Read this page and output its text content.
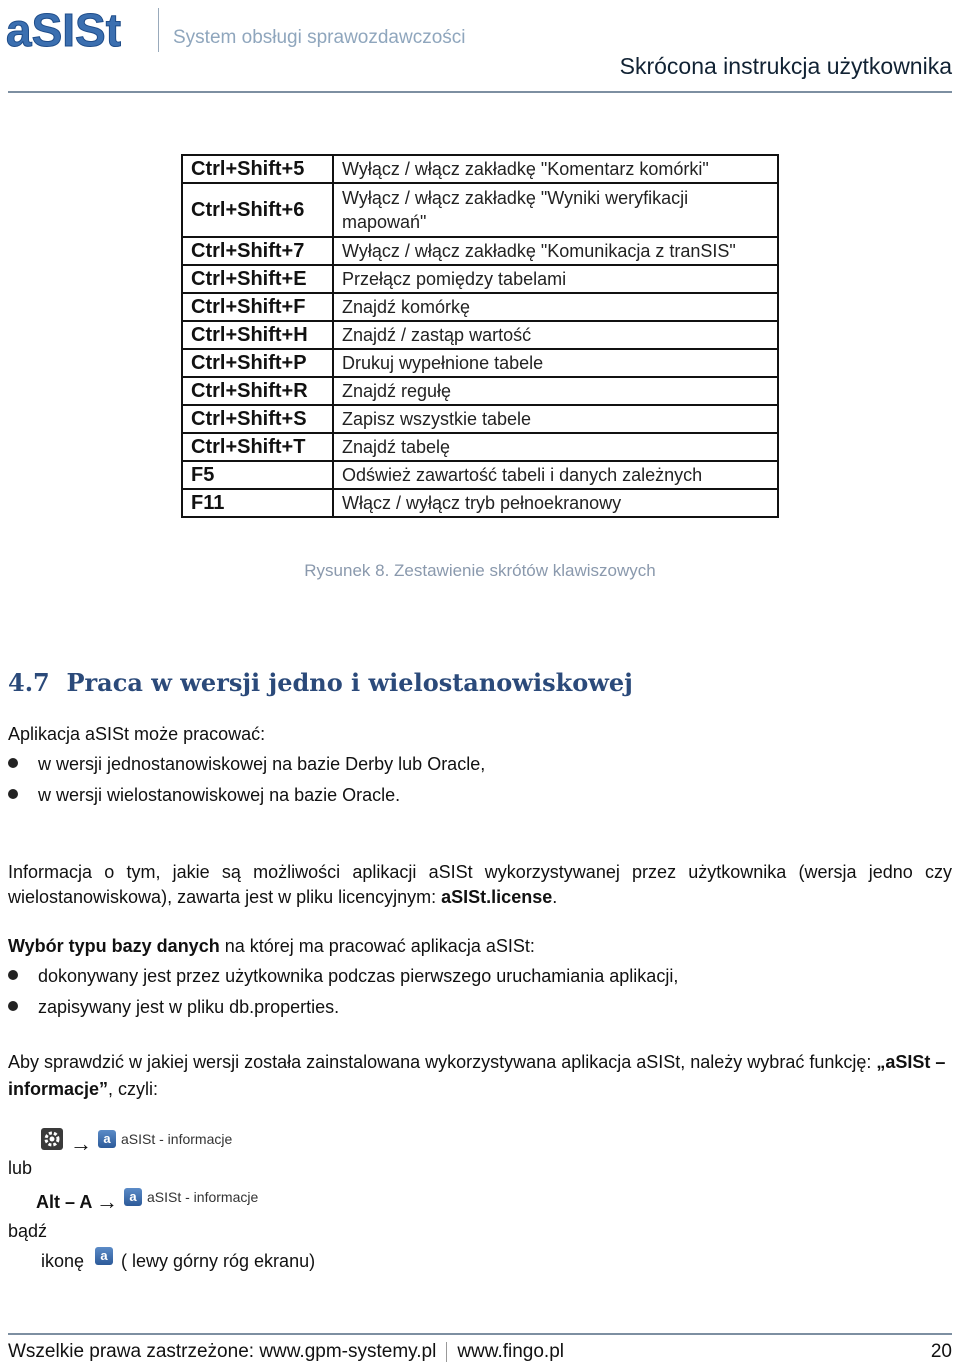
aSISt	System obsługi sprawozdawczości
Skrócona instrukcja użytkownika
Ctrl+Shift+5	Wyłącz / włącz zakładkę "Komentarz komórki"
Ctrl+Shift+6	Wyłącz / włącz zakładkę "Wyniki weryfikacji mapowań"
Ctrl+Shift+7	Wyłącz / włącz zakładkę "Komunikacja z tranSIS"
Ctrl+Shift+E	Przełącz pomiędzy tabelami
Ctrl+Shift+F	Znajdź komórkę
Ctrl+Shift+H	Znajdź / zastąp wartość
Ctrl+Shift+P	Drukuj wypełnione tabele
Ctrl+Shift+R	Znajdź regułę
Ctrl+Shift+S	Zapisz wszystkie tabele
Ctrl+Shift+T	Znajdź tabelę
F5	Odśwież zawartość tabeli i danych zależnych
F11	Włącz / wyłącz tryb pełnoekranowy
Rysunek 8. Zestawienie skrótów klawiszowych
4.7 Praca w wersji jedno i wielostanowiskowej
Aplikacja aSISt może pracować:
w wersji jednostanowiskowej na bazie Derby lub Oracle,
w wersji wielostanowiskowej na bazie Oracle.
Informacja o tym, jakie są możliwości aplikacji aSISt wykorzystywanej przez użytkownika (wersja jedno czy wielostanowiskowa), zawarta jest w pliku licencyjnym: aSISt.license.
Wybór typu bazy danych na której ma pracować aplikacja aSISt:
dokonywany jest przez użytkownika podczas pierwszego uruchamiania aplikacji,
zapisywany jest w pliku db.properties.
Aby sprawdzić w jakiej wersji została zainstalowana wykorzystywana aplikacja aSISt, należy wybrać funkcję: „aSISt – informacje”, czyli:
→ a aSISt - informacje
lub
Alt – A → a aSISt - informacje
bądź
ikonę	a ( lewy górny róg ekranu)
Wszelkie prawa zastrzeżone: www.gpm-systemy.pl www.fingo.pl	20
